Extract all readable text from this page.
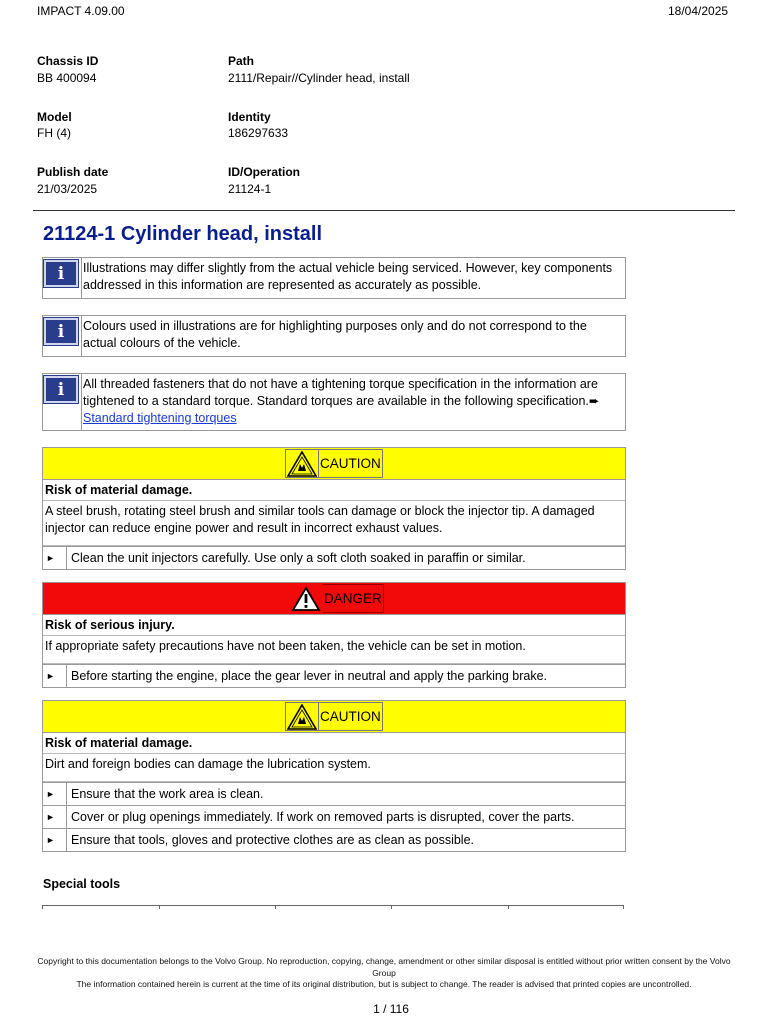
IMPACT 4.09.00	18/04/2025
Chassis ID
BB 400094
Path
2111/Repair//Cylinder head, install
Model
FH (4)
Identity
186297633
Publish date
21/03/2025
ID/Operation
21124-1
21124-1 Cylinder head, install
i	Illustrations may differ slightly from the actual vehicle being serviced. However, key components addressed in this information are represented as accurately as possible.
i	Colours used in illustrations are for highlighting purposes only and do not correspond to the actual colours of the vehicle.
i	All threaded fasteners that do not have a tightening torque specification in the information are tightened to a standard torque. Standard torques are available in the following specification.➨
Standard tightening torques
CAUTION
Risk of material damage.
A steel brush, rotating steel brush and similar tools can damage or block the injector tip. A damaged injector can reduce engine power and result in incorrect exhaust values.
►	Clean the unit injectors carefully. Use only a soft cloth soaked in paraffin or similar.
DANGER
Risk of serious injury.
If appropriate safety precautions have not been taken, the vehicle can be set in motion.
►	Before starting the engine, place the gear lever in neutral and apply the parking brake.
CAUTION
Risk of material damage.
Dirt and foreign bodies can damage the lubrication system.
►	Ensure that the work area is clean.
►	Cover or plug openings immediately. If work on removed parts is disrupted, cover the parts.
►	Ensure that tools, gloves and protective clothes are as clean as possible.
Special tools
Copyright to this documentation belongs to the Volvo Group. No reproduction, copying, change, amendment or other similar disposal is entitled without prior written consent by the Volvo Group
The information contained herein is current at the time of its original distribution, but is subject to change. The reader is advised that printed copies are uncontrolled.
1 / 116
